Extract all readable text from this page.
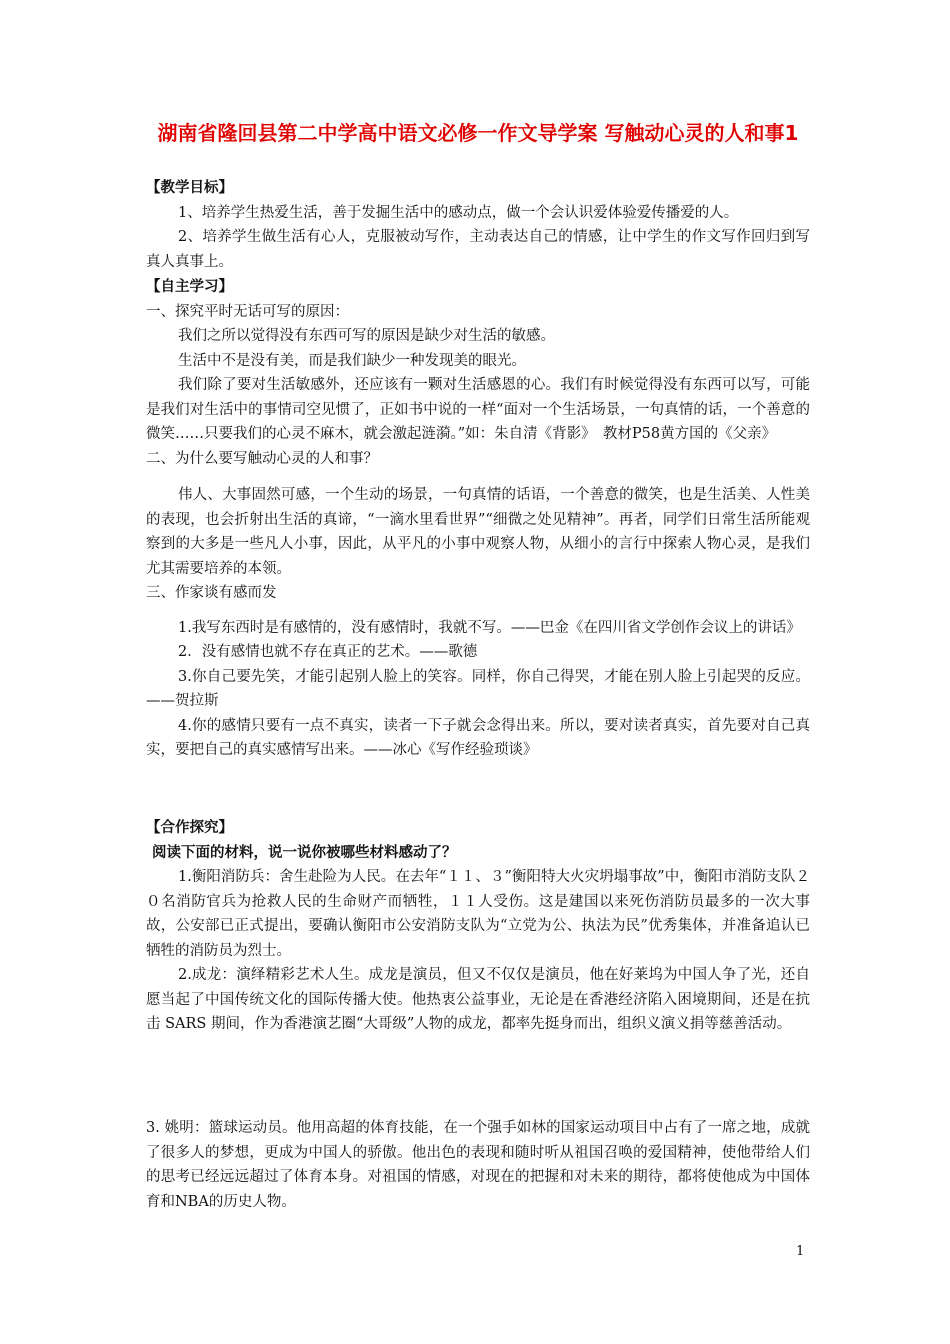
湖南省隆回县第二中学高中语文必修一作文导学案 写触动心灵的人和事1

【教学目标】

1、培养学生热爱生活，善于发掘生活中的感动点，做一个会认识爱体验爱传播爱的人。

2、培养学生做生活有心人，克服被动写作，主动表达自己的情感，让中学生的作文写作回归到写真人真事上。

【自主学习】

一、探究平时无话可写的原因：

我们之所以觉得没有东西可写的原因是缺少对生活的敏感。

生活中不是没有美，而是我们缺少一种发现美的眼光。

我们除了要对生活敏感外，还应该有一颗对生活感恩的心。我们有时候觉得没有东西可以写，可能是我们对生活中的事情司空见惯了，正如书中说的一样“面对一个生活场景，一句真情的话，一个善意的微笑……只要我们的心灵不麻木，就会激起涟漪。”如：朱自清《背影》　教材P58黄方国的《父亲》

二、为什么要写触动心灵的人和事？

伟人、大事固然可感，一个生动的场景，一句真情的话语，一个善意的微笑，也是生活美、人性美的表现，也会折射出生活的真谛，“一滴水里看世界”“细微之处见精神”。再者，同学们日常生活所能观察到的大多是一些凡人小事，因此，从平凡的小事中观察人物，从细小的言行中探索人物心灵，是我们尤其需要培养的本领。

三、作家谈有感而发

1.我写东西时是有感情的，没有感情时，我就不写。——巴金《在四川省文学创作会议上的讲话》

2．没有感情也就不存在真正的艺术。——歌德

3.你自己要先笑，才能引起别人脸上的笑容。同样，你自己得哭，才能在别人脸上引起哭的反应。——贺拉斯

4.你的感情只要有一点不真实，读者一下子就会念得出来。所以，要对读者真实，首先要对自己真实，要把自己的真实感情写出来。——冰心《写作经验琐谈》

【合作探究】

阅读下面的材料，说一说你被哪些材料感动了？

1.衡阳消防兵：舍生赴险为人民。在去年“１１、３”衡阳特大火灾坍塌事故”中，衡阳市消防支队２０名消防官兵为抢救人民的生命财产而牺牲，１１人受伤。这是建国以来死伤消防员最多的一次大事故，公安部已正式提出，要确认衡阳市公安消防支队为“立党为公、执法为民”优秀集体，并准备追认已牺牲的消防员为烈士。

2.成龙：演绎精彩艺术人生。成龙是演员，但又不仅仅是演员，他在好莱坞为中国人争了光，还自愿当起了中国传统文化的国际传播大使。他热衷公益事业，无论是在香港经济陷入困境期间，还是在抗击 SARS 期间，作为香港演艺圈“大哥级”人物的成龙，都率先挺身而出，组织义演义捐等慈善活动。

3. 姚明：篮球运动员。他用高超的体育技能，在一个强手如林的国家运动项目中占有了一席之地，成就了很多人的梦想，更成为中国人的骄傲。他出色的表现和随时听从祖国召唤的爱国精神，使他带给人们的思考已经远远超过了体育本身。对祖国的情感，对现在的把握和对未来的期待，都将使他成为中国体育和NBA的历史人物。
1
